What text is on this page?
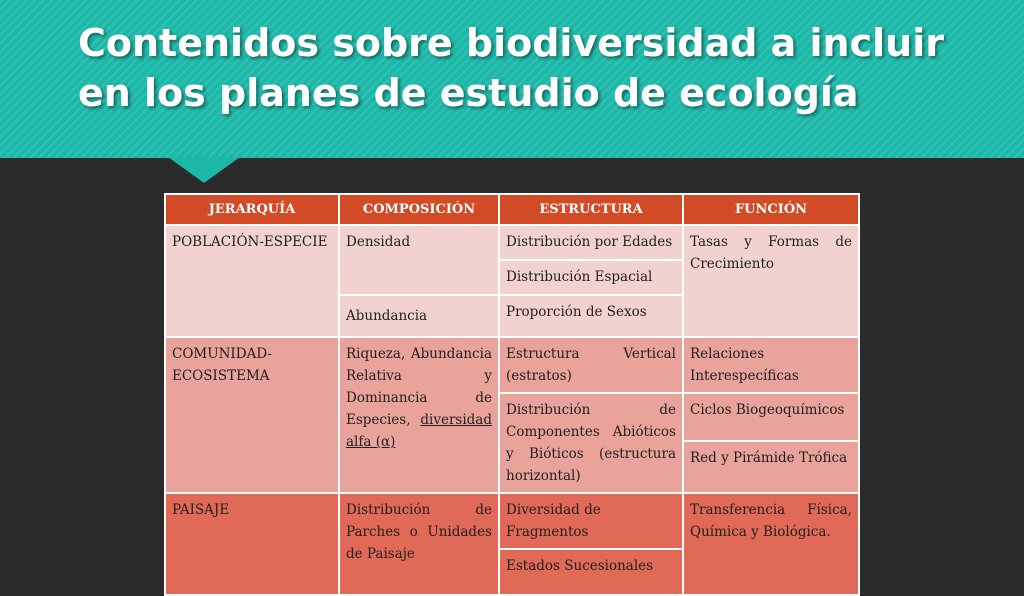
Contenidos sobre biodiversidad a incluir
en los planes de estudio de ecología
JERARQUÍA	COMPOSICIÓN	ESTRUCTURA	FUNCIÓN
POBLACIÓN-ESPECIE	Densidad	Distribución por Edades	Tasas y Formas de Crecimiento
		Distribución Espacial	
	Abundancia	Proporción de Sexos	
COMUNIDAD-ECOSISTEMA	Riqueza, Abundancia Relativa y Dominancia de Especies, diversidad alfa (α)	Estructura Vertical (estratos)	Relaciones Interespecíficas
		Distribución de Componentes Abióticos y Bióticos (estructura horizontal)	Ciclos Biogeoquímicos
			Red y Pirámide Trófica
PAISAJE	Distribución de Parches o Unidades de Paisaje	Diversidad de Fragmentos	Transferencia Física, Química y Biológica.
		Estados Sucesionales	
